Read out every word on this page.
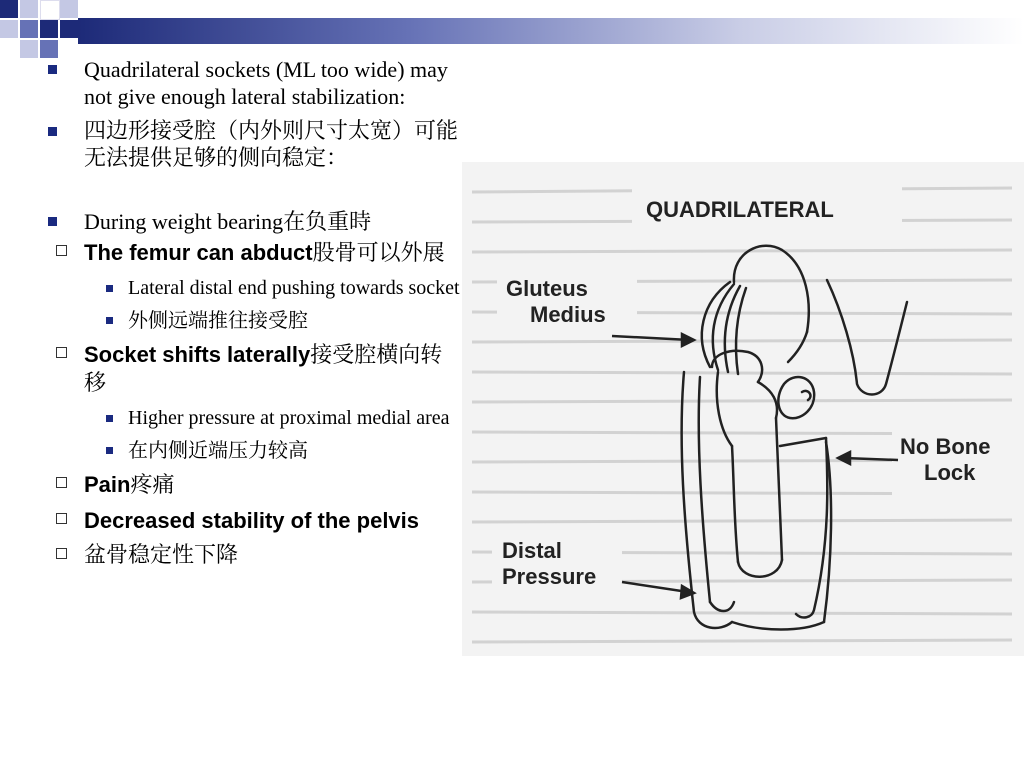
Quadrilateral sockets (ML too wide) may not give enough lateral stabilization:
四边形接受腔（内外则尺寸太宽）可能无法提供足够的侧向稳定：
During weight bearing在负重時
The femur can abduct股骨可以外展
Lateral distal end pushing towards socket
外侧远端推往接受腔
Socket shifts laterally接受腔横向转移
Higher pressure at proximal medial area
在内侧近端压力较高
Pain疼痛
Decreased stability of the pelvis
盆骨稳定性下降
QUADRILATERAL
Gluteus
Medius
No Bone
Lock
Distal
Pressure
